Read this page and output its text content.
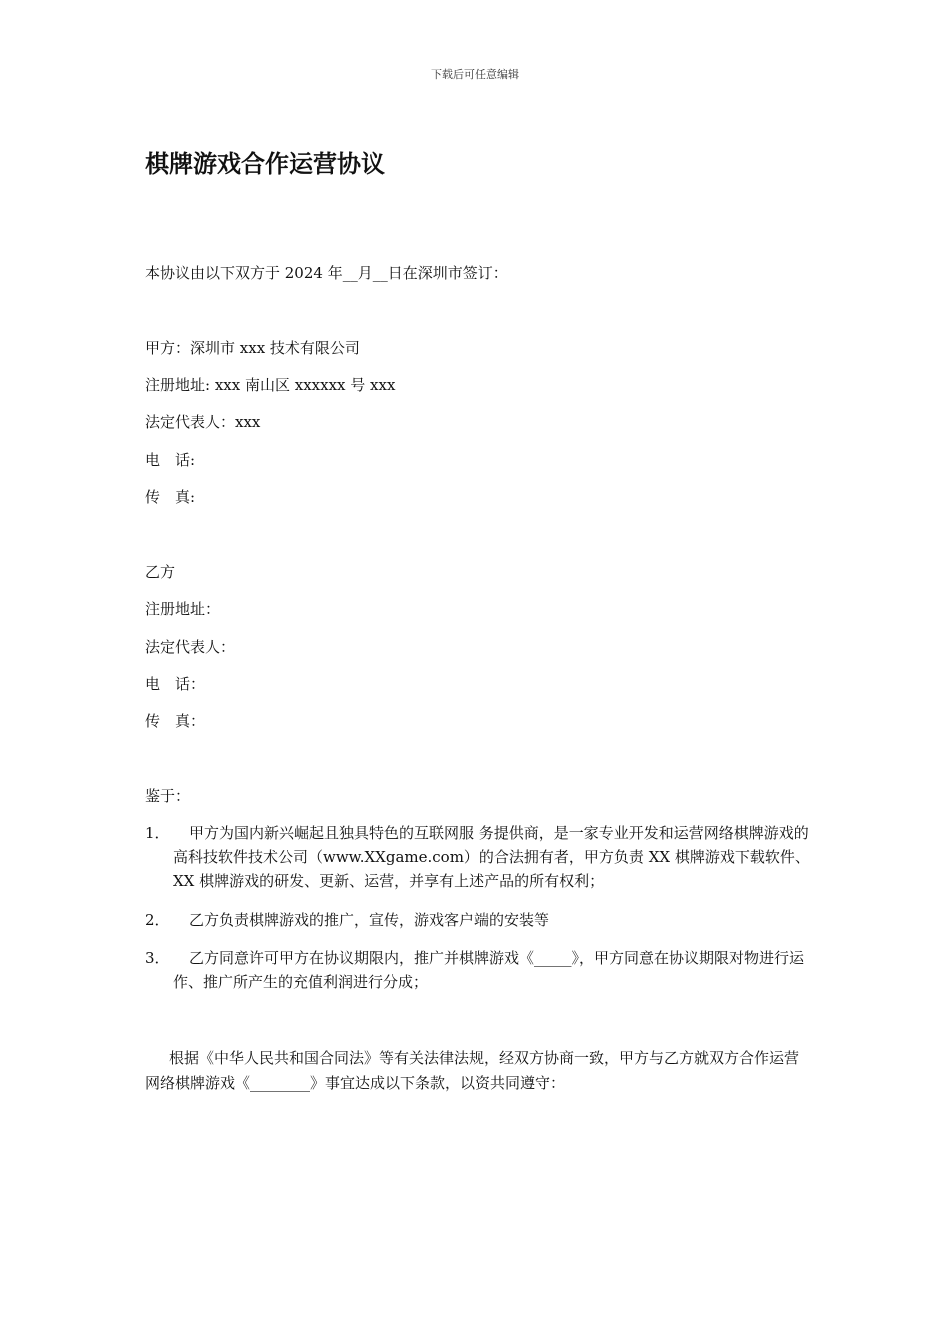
下载后可任意编辑
棋牌游戏合作运营协议
本协议由以下双方于 2024 年__月__日在深圳市签订：
甲方：深圳市 xxx 技术有限公司
注册地址: xxx 南山区 xxxxxx 号 xxx
法定代表人：xxx
电　话:
传　真:
乙方
注册地址：
法定代表人：
电　话：
传　真：
鉴于：
1．	甲方为国内新兴崛起且独具特色的互联网服 务提供商，是一家专业开发和运营网络棋牌游戏的高科技软件技术公司（www.XXgame.com）的合法拥有者，甲方负责 XX 棋牌游戏下载软件、XX 棋牌游戏的研发、更新、运营，并享有上述产品的所有权利；
2．	乙方负责棋牌游戏的推广，宣传，游戏客户端的安装等
3．	乙方同意许可甲方在协议期限内，推广并棋牌游戏《_____》，甲方同意在协议期限对物进行运作、推广所产生的充值利润进行分成；
根据《中华人民共和国合同法》等有关法律法规，经双方协商一致，甲方与乙方就双方合作运营网络棋牌游戏《________》事宜达成以下条款，以资共同遵守：
